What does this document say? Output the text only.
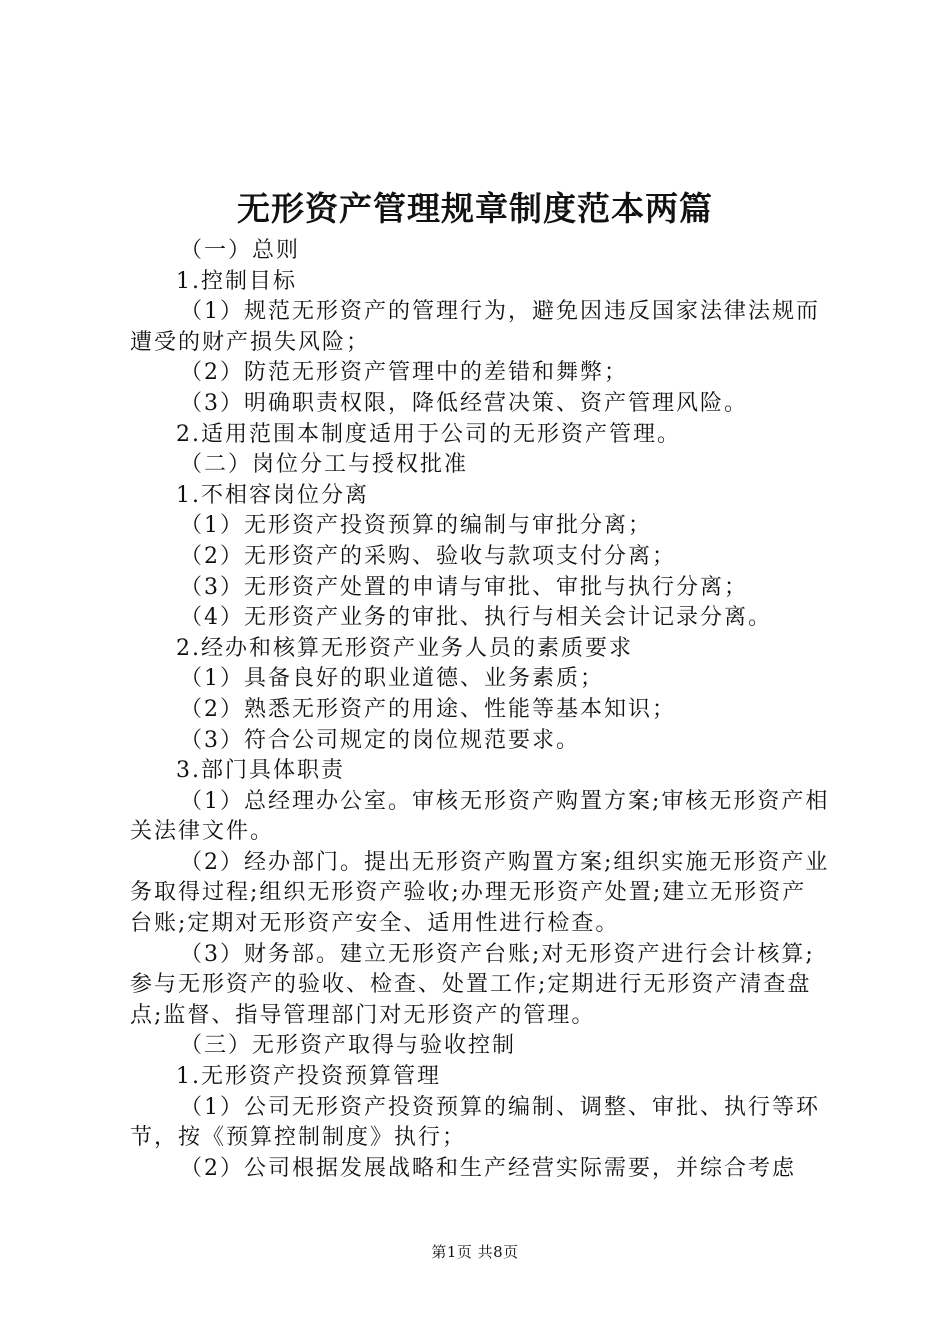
无形资产管理规章制度范本两篇

（一）总则

1.控制目标

（1）规范无形资产的管理行为，避免因违反国家法律法规而遭受的财产损失风险；

（2）防范无形资产管理中的差错和舞弊；

（3）明确职责权限，降低经营决策、资产管理风险。

2.适用范围本制度适用于公司的无形资产管理。

（二）岗位分工与授权批准

1.不相容岗位分离

（1）无形资产投资预算的编制与审批分离；

（2）无形资产的采购、验收与款项支付分离；

（3）无形资产处置的申请与审批、审批与执行分离；

（4）无形资产业务的审批、执行与相关会计记录分离。

2.经办和核算无形资产业务人员的素质要求

（1）具备良好的职业道德、业务素质；

（2）熟悉无形资产的用途、性能等基本知识；

（3）符合公司规定的岗位规范要求。

3.部门具体职责

（1）总经理办公室。审核无形资产购置方案;审核无形资产相关法律文件。

（2）经办部门。提出无形资产购置方案;组织实施无形资产业务取得过程;组织无形资产验收;办理无形资产处置;建立无形资产台账;定期对无形资产安全、适用性进行检查。

（3）财务部。建立无形资产台账;对无形资产进行会计核算;参与无形资产的验收、检查、处置工作;定期进行无形资产清查盘点;监督、指导管理部门对无形资产的管理。

（三）无形资产取得与验收控制

1.无形资产投资预算管理

（1）公司无形资产投资预算的编制、调整、审批、执行等环节，按《预算控制制度》执行；

（2）公司根据发展战略和生产经营实际需要，并综合考虑

第1页 共8页
